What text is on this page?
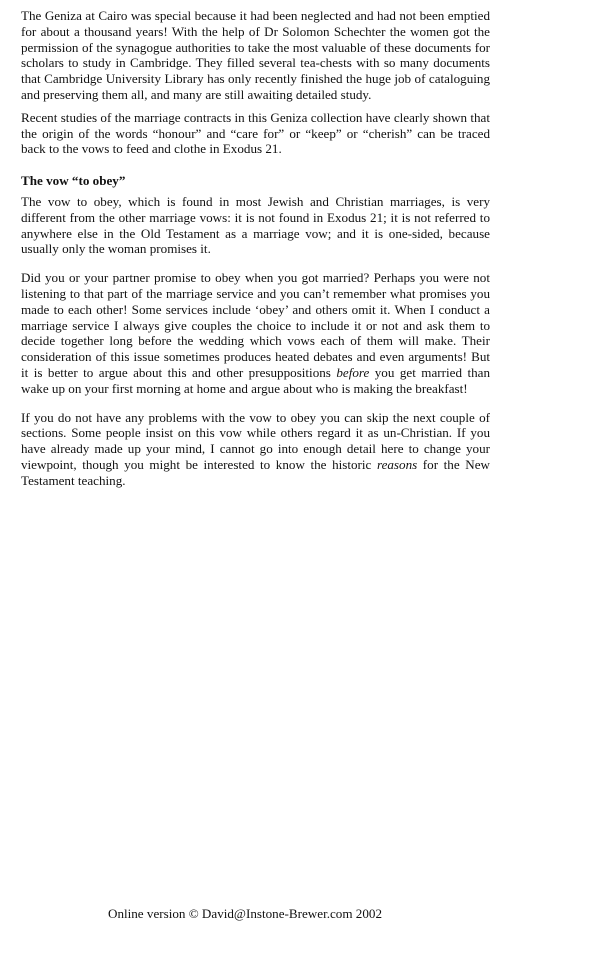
The Geniza at Cairo was special because it had been neglected and had not been emptied for about a thousand years! With the help of Dr Solomon Schechter the women got the permission of the synagogue authorities to take the most valuable of these documents for scholars to study in Cambridge. They filled several tea-chests with so many documents that Cambridge University Library has only recently finished the huge job of cataloguing and preserving them all, and many are still awaiting detailed study.

Recent studies of the marriage contracts in this Geniza collection have clearly shown that the origin of the words “honour” and “care for” or “keep” or “cherish” can be traced back to the vows to feed and clothe in Exodus 21.

The vow “to obey”

The vow to obey, which is found in most Jewish and Christian marriages, is very different from the other marriage vows: it is not found in Exodus 21; it is not referred to anywhere else in the Old Testament as a marriage vow; and it is one-sided, because usually only the woman promises it.

Did you or your partner promise to obey when you got married? Perhaps you were not listening to that part of the marriage service and you can’t remember what promises you made to each other! Some services include ‘obey’ and others omit it. When I conduct a marriage service I always give couples the choice to include it or not and ask them to decide together long before the wedding which vows each of them will make. Their consideration of this issue sometimes produces heated debates and even arguments! But it is better to argue about this and other presuppositions before you get married than wake up on your first morning at home and argue about who is making the breakfast!

If you do not have any problems with the vow to obey you can skip the next couple of sections. Some people insist on this vow while others regard it as un-Christian. If you have already made up your mind, I cannot go into enough detail here to change your viewpoint, though you might be interested to know the historic reasons for the New Testament teaching.

Online version © David@Instone-Brewer.com 2002
